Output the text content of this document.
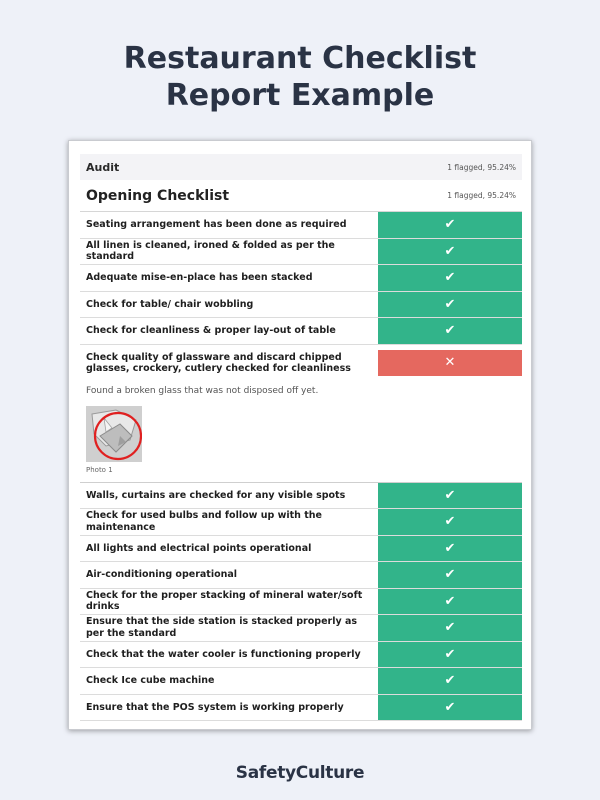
Restaurant Checklist
Report Example
Audit	1 flagged, 95.24%
Opening Checklist	1 flagged, 95.24%
Seating arrangement has been done as required	✔
All linen is cleaned, ironed & folded as per the standard	✔
Adequate mise-en-place has been stacked	✔
Check for table/ chair wobbling	✔
Check for cleanliness & proper lay-out of table	✔
Check quality of glassware and discard chipped glasses, crockery, cutlery checked for cleanliness	✕
Found a broken glass that was not disposed off yet.
Photo 1
Walls, curtains are checked for any visible spots	✔
Check for used bulbs and follow up with the maintenance	✔
All lights and electrical points operational	✔
Air-conditioning operational	✔
Check for the proper stacking of mineral water/soft drinks	✔
Ensure that the side station is stacked properly as per the standard	✔
Check that the water cooler is functioning properly	✔
Check Ice cube machine	✔
Ensure that the POS system is working properly	✔
SafetyCulture
